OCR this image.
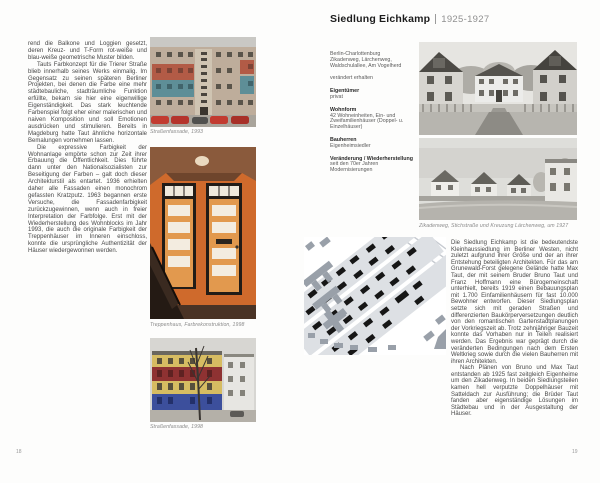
rend die Balkone und Loggien gesetzt, deren Kreuz- und T-Form rot-weiße und blau-weiße geometrische Muster bilden.

Tauts Farbkonzept für die Trierer Straße blieb innerhalb seines Werks einmalig. Im Gegensatz zu seinen späteren Berliner Projekten, bei denen die Farbe eine mehr städtebauliche, stadträumliche Funktion erfüllte, bekam sie hier eine eigenwillige Eigenständigkeit. Das stark leuchtende Farbenspiel folgt eher einer malerischen und naiven Komposition und soll Emotionen ausdrücken und stimulieren. Bereits in Magdeburg hatte Taut ähnliche horizontale Bemalungen vornehmen lassen.

Die expressive Farbigkeit der Wohnanlage empörte schon zur Zeit ihrer Erbauung die Öffentlichkeit. Dies führte dann unter den Nationalsozialisten zur Beseitigung der Farben – galt doch dieser Architekturstil als entartet. 1936 erhielten daher alle Fassaden einen monochrom gefassten Kratzputz. 1963 begannen erste Versuche, die Fassadenfarbigkeit zurückzugewinnen, wenn auch in freier Interpretation der Farbfolge. Erst mit der Wiederherstellung des Wohnblocks im Jahr 1993, die auch die originale Farbigkeit der Treppenhäuser im Inneren einschloss, konnte die ursprüngliche Authentizität der Häuser wiedergewonnen werden.

Straßenfassade, 1993
Treppenhaus, Farbrekonstruktion, 1998
Straßenfassade, 1998
18
Siedlung Eichkamp 1925-1927
Berlin-Charlottenburg
Zikadenweg, Lärchenweg,
Waldschulallee, Am Vogelherd
verändert erhalten
Eigentümer
privat
Wohnform
42 Wohneinheiten, Ein- und Zweifamilienhäuser (Doppel- u. Einzelhäuser)
Bauherren
Eigenheimsiedler
Veränderung / Wiederherstellung
seit den 70er Jahren Modernisierungen
Zikadenweg, Stichstraße und Kreuzung Lärchenweg, um 1927

Die Siedlung Eichkamp ist die bedeutendste Kleinhaussiedlung im Berliner Westen, nicht zuletzt aufgrund ihrer Größe und der an ihrer Entstehung beteiligten Architekten. Für das am Grunewald-Forst gelegene Gelände hatte Max Taut, der mit seinem Bruder Bruno Taut und Franz Hoffmann eine Bürogemeinschaft unterhielt, bereits 1919 einen Bebauungsplan mit 1.700 Einfamilienhäusern für fast 10.000 Bewohner entworfen. Dieser Siedlungsplan setzte sich mit geraden Straßen und differenzierten Baukörperversetzungen deutlich von den romantischen Gartenstadtplanungen der Vorkriegszeit ab. Trotz zehnjähriger Bauzeit konnte das Vorhaben nur in Teilen realisiert werden. Das Ergebnis war geprägt durch die veränderten Bedingungen nach dem Ersten Weltkrieg sowie durch die vielen Bauherren mit ihren Architekten.

Nach Plänen von Bruno und Max Taut entstanden ab 1925 fast zeitgleich Eigenheime um den Zikadenweg. In beiden Siedlungsteilen kamen hell verputzte Doppelhäuser mit Satteldach zur Ausführung; die Brüder Taut fanden aber eigenständige Lösungen im Städtebau und in der Ausgestaltung der Häuser.

19
